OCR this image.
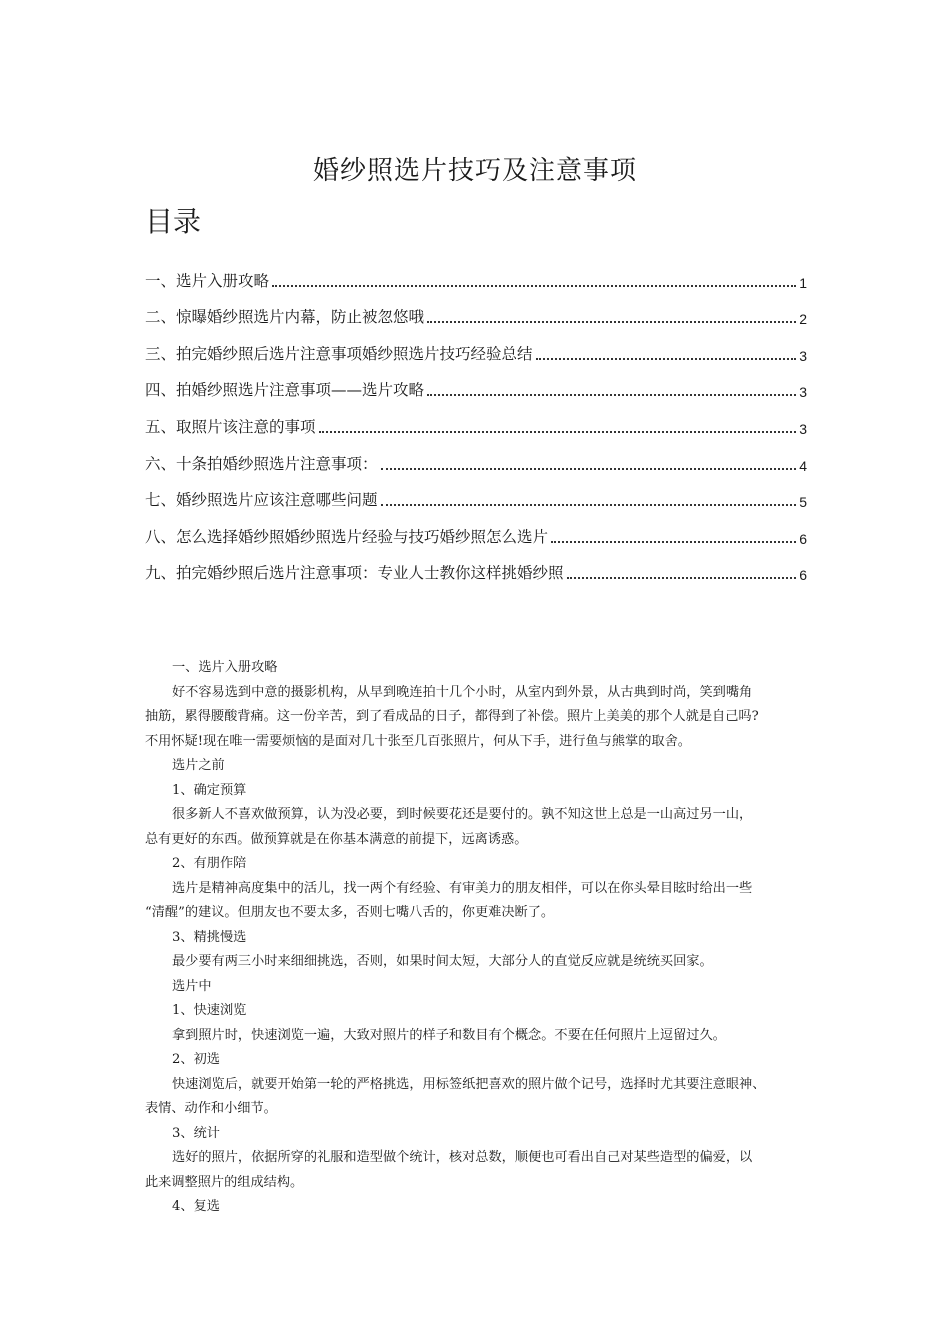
婚纱照选片技巧及注意事项
目录
一、选片入册攻略	1
二、惊曝婚纱照选片内幕，防止被忽悠哦	2
三、拍完婚纱照后选片注意事项婚纱照选片技巧经验总结	3
四、拍婚纱照选片注意事项——选片攻略	3
五、取照片该注意的事项	3
六、十条拍婚纱照选片注意事项：	4
七、婚纱照选片应该注意哪些问题	5
八、怎么选择婚纱照婚纱照选片经验与技巧婚纱照怎么选片	6
九、拍完婚纱照后选片注意事项：专业人士教你这样挑婚纱照	6
一、选片入册攻略
好不容易选到中意的摄影机构，从早到晚连拍十几个小时，从室内到外景，从古典到时尚，笑到嘴角
抽筋，累得腰酸背痛。这一份辛苦，到了看成品的日子，都得到了补偿。照片上美美的那个人就是自己吗?
不用怀疑!现在唯一需要烦恼的是面对几十张至几百张照片，何从下手，进行鱼与熊掌的取舍。
选片之前
1、确定预算
很多新人不喜欢做预算，认为没必要，到时候要花还是要付的。孰不知这世上总是一山高过另一山，
总有更好的东西。做预算就是在你基本满意的前提下，远离诱惑。
2、有朋作陪
选片是精神高度集中的活儿，找一两个有经验、有审美力的朋友相伴，可以在你头晕目眩时给出一些
“清醒”的建议。但朋友也不要太多，否则七嘴八舌的，你更难决断了。
3、精挑慢选
最少要有两三小时来细细挑选，否则，如果时间太短，大部分人的直觉反应就是统统买回家。
选片中
1、快速浏览
拿到照片时，快速浏览一遍，大致对照片的样子和数目有个概念。不要在任何照片上逗留过久。
2、初选
快速浏览后，就要开始第一轮的严格挑选，用标签纸把喜欢的照片做个记号，选择时尤其要注意眼神、
表情、动作和小细节。
3、统计
选好的照片，依据所穿的礼服和造型做个统计，核对总数，顺便也可看出自己对某些造型的偏爱，以
此来调整照片的组成结构。
4、复选
